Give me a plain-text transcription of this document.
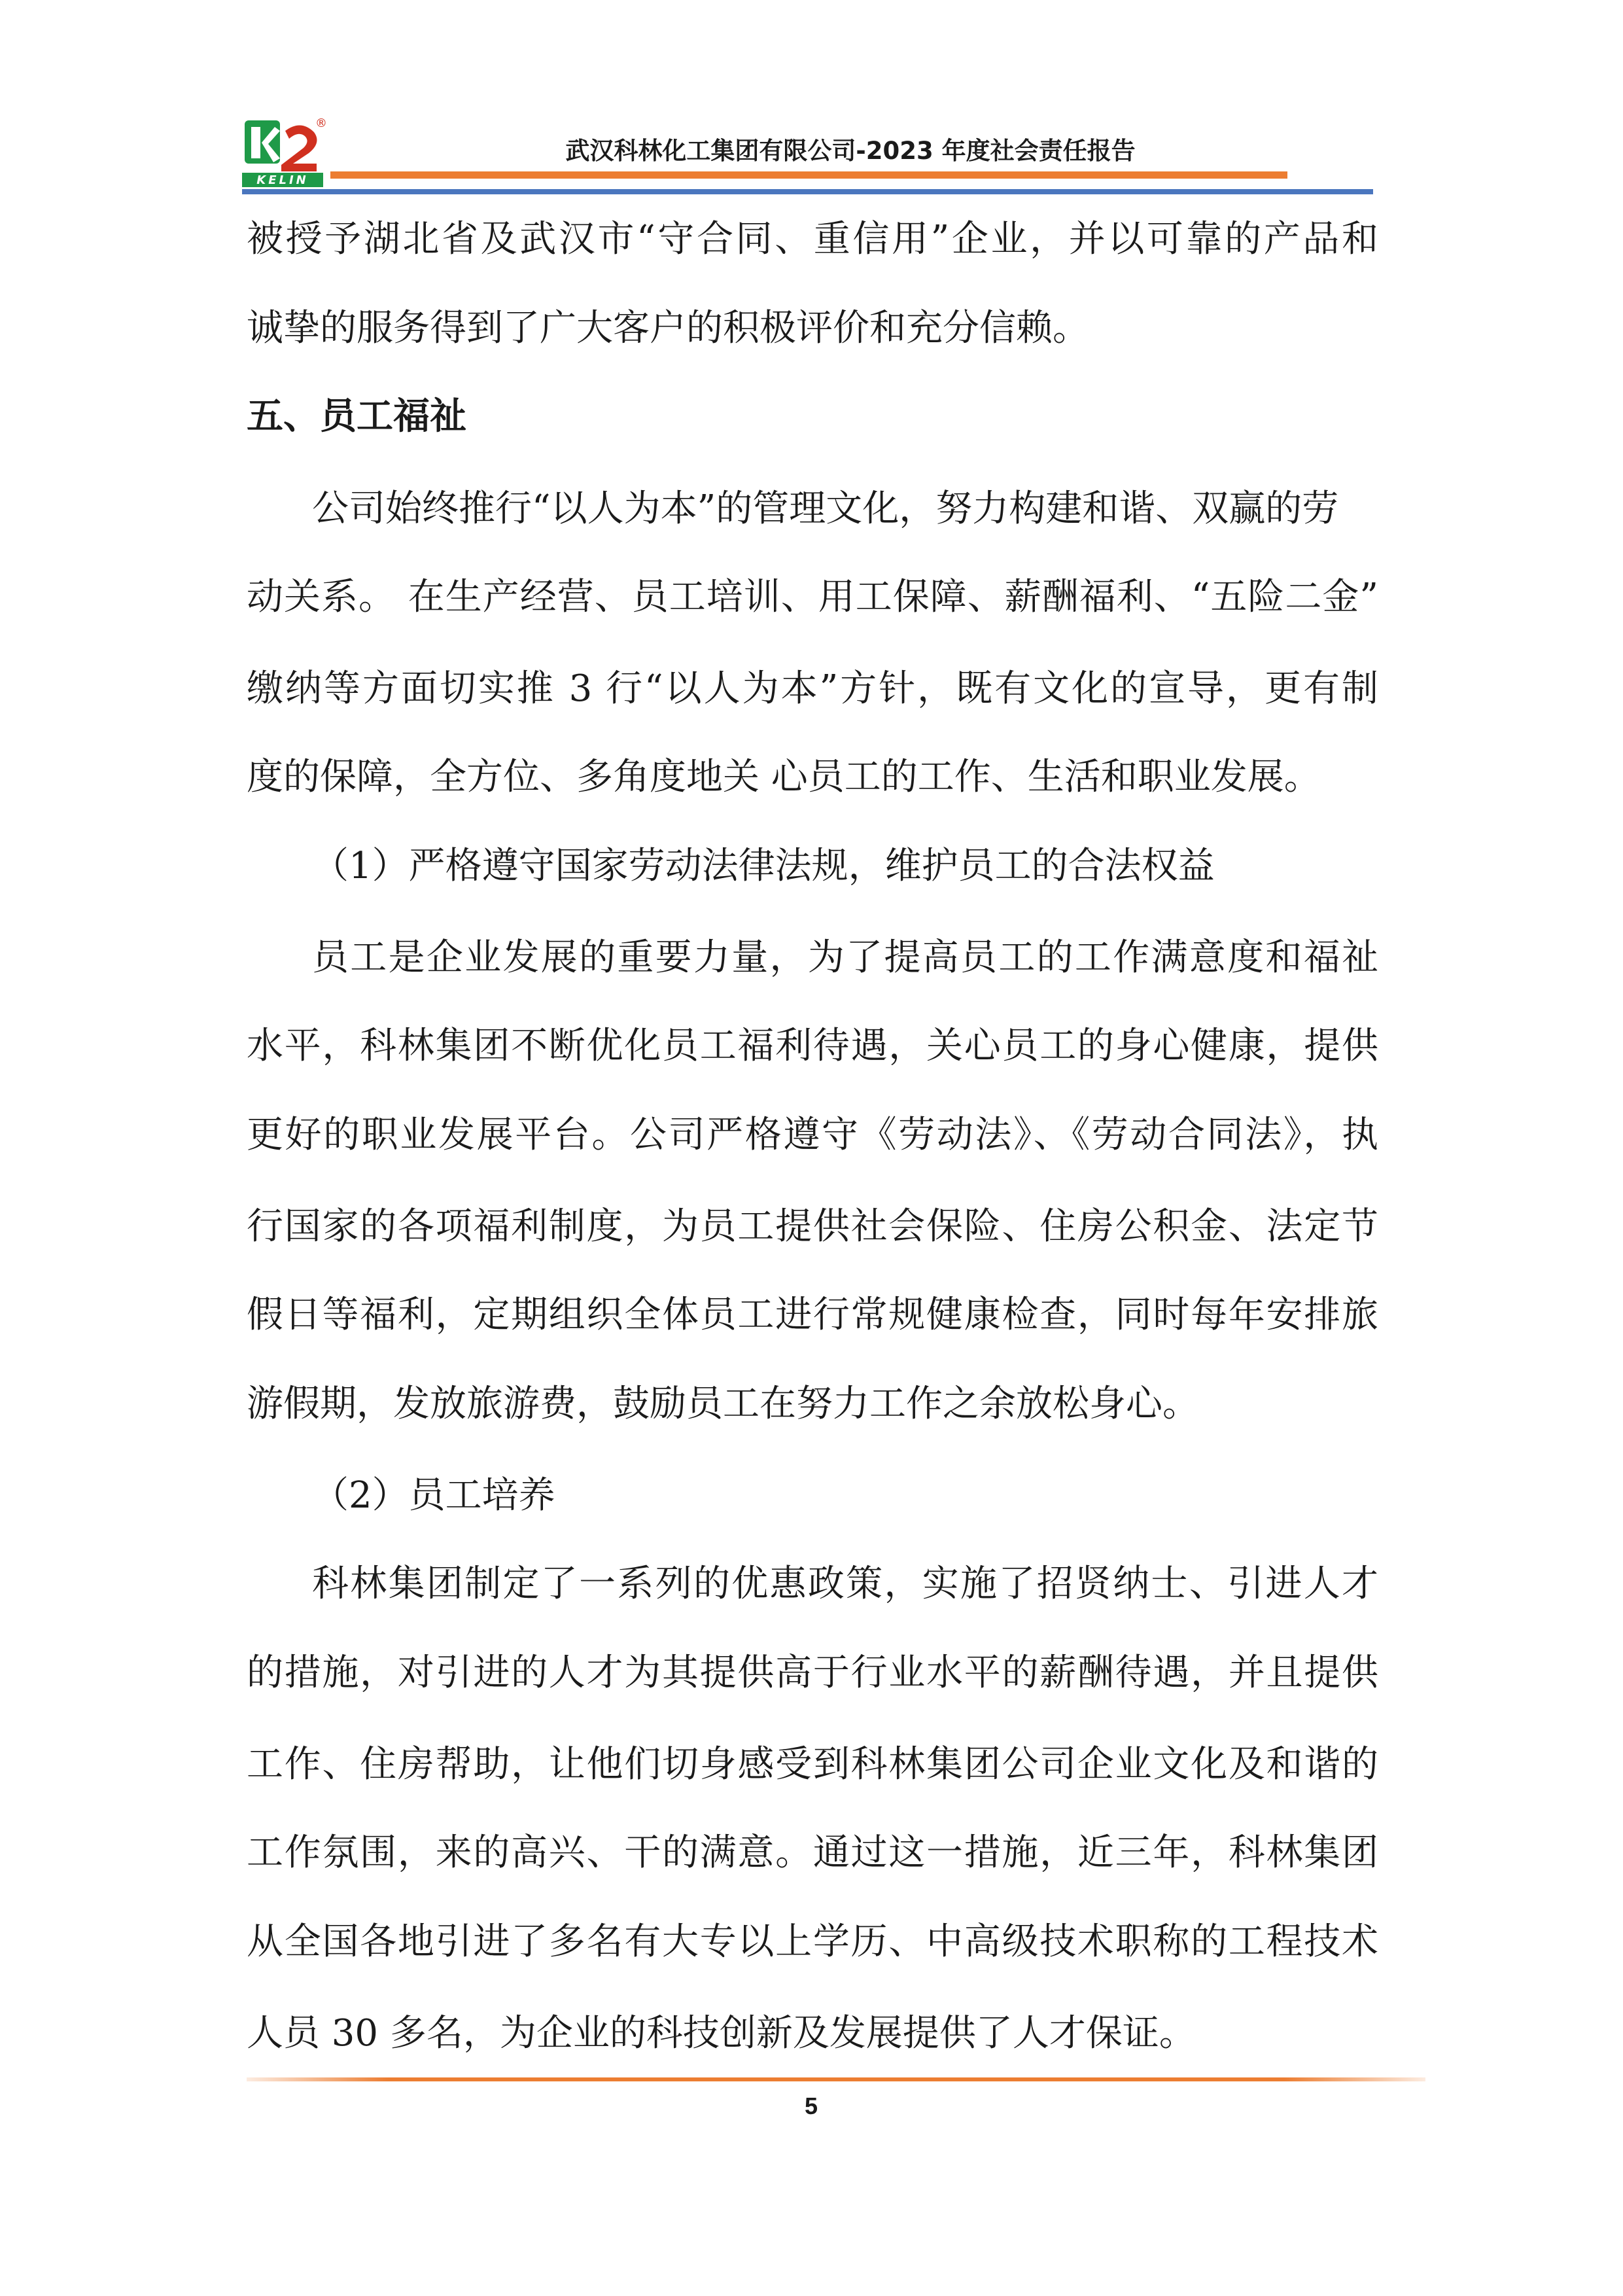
KELIN
®
武汉科林化工集团有限公司-2023 年度社会责任报告
被授予湖北省及武汉市“守合同、重信用”企业，并以可靠的产品和
诚挚的服务得到了广大客户的积极评价和充分信赖。
五、员工福祉
公司始终推行“以人为本”的管理文化，努力构建和谐、双赢的劳
动关系。 在生产经营、员工培训、用工保障、薪酬福利、“五险二金”
缴纳等方面切实推 3 行“以人为本”方针，既有文化的宣导，更有制
度的保障，全方位、多角度地关 心员工的工作、生活和职业发展。
（1）严格遵守国家劳动法律法规，维护员工的合法权益
员工是企业发展的重要力量，为了提高员工的工作满意度和福祉
水平，科林集团不断优化员工福利待遇，关心员工的身心健康，提供
更好的职业发展平台。公司严格遵守《劳动法》、《劳动合同法》，执
行国家的各项福利制度，为员工提供社会保险、住房公积金、法定节
假日等福利，定期组织全体员工进行常规健康检查，同时每年安排旅
游假期，发放旅游费，鼓励员工在努力工作之余放松身心。
（2）员工培养
科林集团制定了一系列的优惠政策，实施了招贤纳士、引进人才
的措施，对引进的人才为其提供高于行业水平的薪酬待遇，并且提供
工作、住房帮助，让他们切身感受到科林集团公司企业文化及和谐的
工作氛围，来的高兴、干的满意。通过这一措施，近三年，科林集团
从全国各地引进了多名有大专以上学历、中高级技术职称的工程技术
人员 30 多名，为企业的科技创新及发展提供了人才保证。
5
